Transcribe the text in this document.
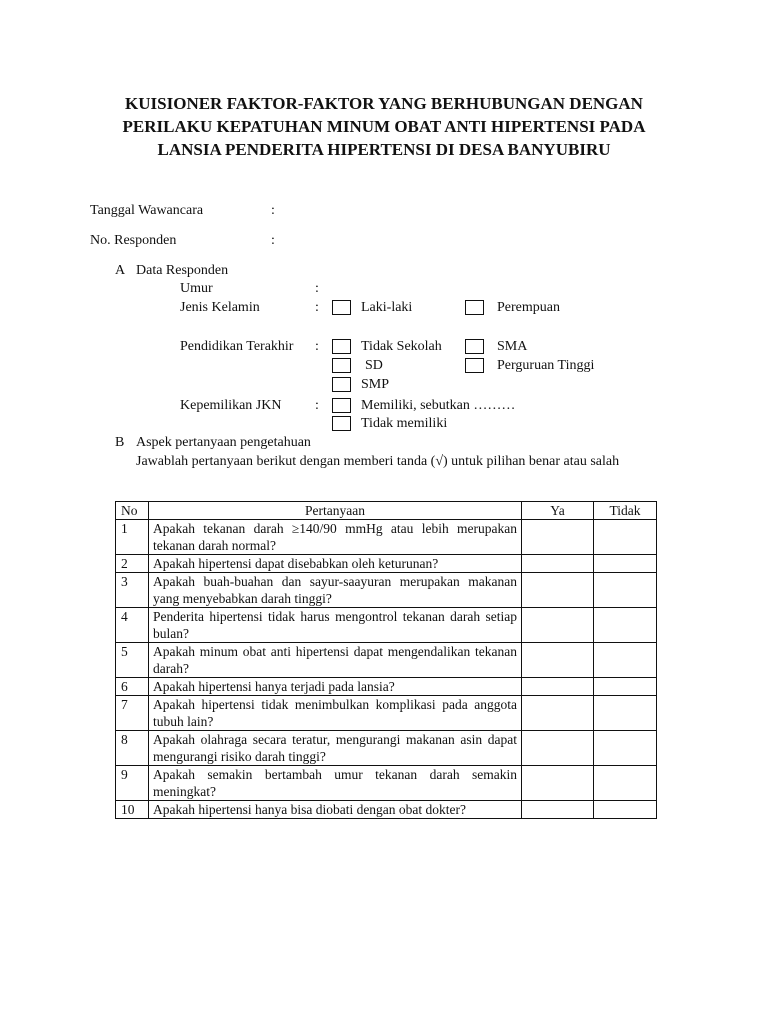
KUISIONER FAKTOR-FAKTOR YANG BERHUBUNGAN DENGAN
PERILAKU KEPATUHAN MINUM OBAT ANTI HIPERTENSI PADA
LANSIA PENDERITA HIPERTENSI DI DESA BANYUBIRU
Tanggal Wawancara	:
No. Responden	:
A Data Responden
Umur	:
Jenis Kelamin	:	Laki-laki	Perempuan
Pendidikan Terakhir :	Tidak Sekolah	SMA
SD	Perguruan Tinggi
SMP
Kepemilikan JKN :	Memiliki, sebutkan ………
Tidak memiliki
B Aspek pertanyaan pengetahuan
Jawablah pertanyaan berikut dengan memberi tanda (√) untuk pilihan benar atau salah
No	Pertanyaan	Ya	Tidak
1	Apakah tekanan darah ≥140/90 mmHg atau lebih merupakan tekanan darah normal?		
2	Apakah hipertensi dapat disebabkan oleh keturunan?		
3	Apakah buah-buahan dan sayur-saayuran merupakan makanan yang menyebabkan darah tinggi?		
4	Penderita hipertensi tidak harus mengontrol tekanan darah setiap bulan?		
5	Apakah minum obat anti hipertensi dapat mengendalikan tekanan darah?		
6	Apakah hipertensi hanya terjadi pada lansia?		
7	Apakah hipertensi tidak menimbulkan komplikasi pada anggota tubuh lain?		
8	Apakah olahraga secara teratur, mengurangi makanan asin dapat mengurangi risiko darah tinggi?		
9	Apakah semakin bertambah umur tekanan darah semakin meningkat?		
10	Apakah hipertensi hanya bisa diobati dengan obat dokter?		
